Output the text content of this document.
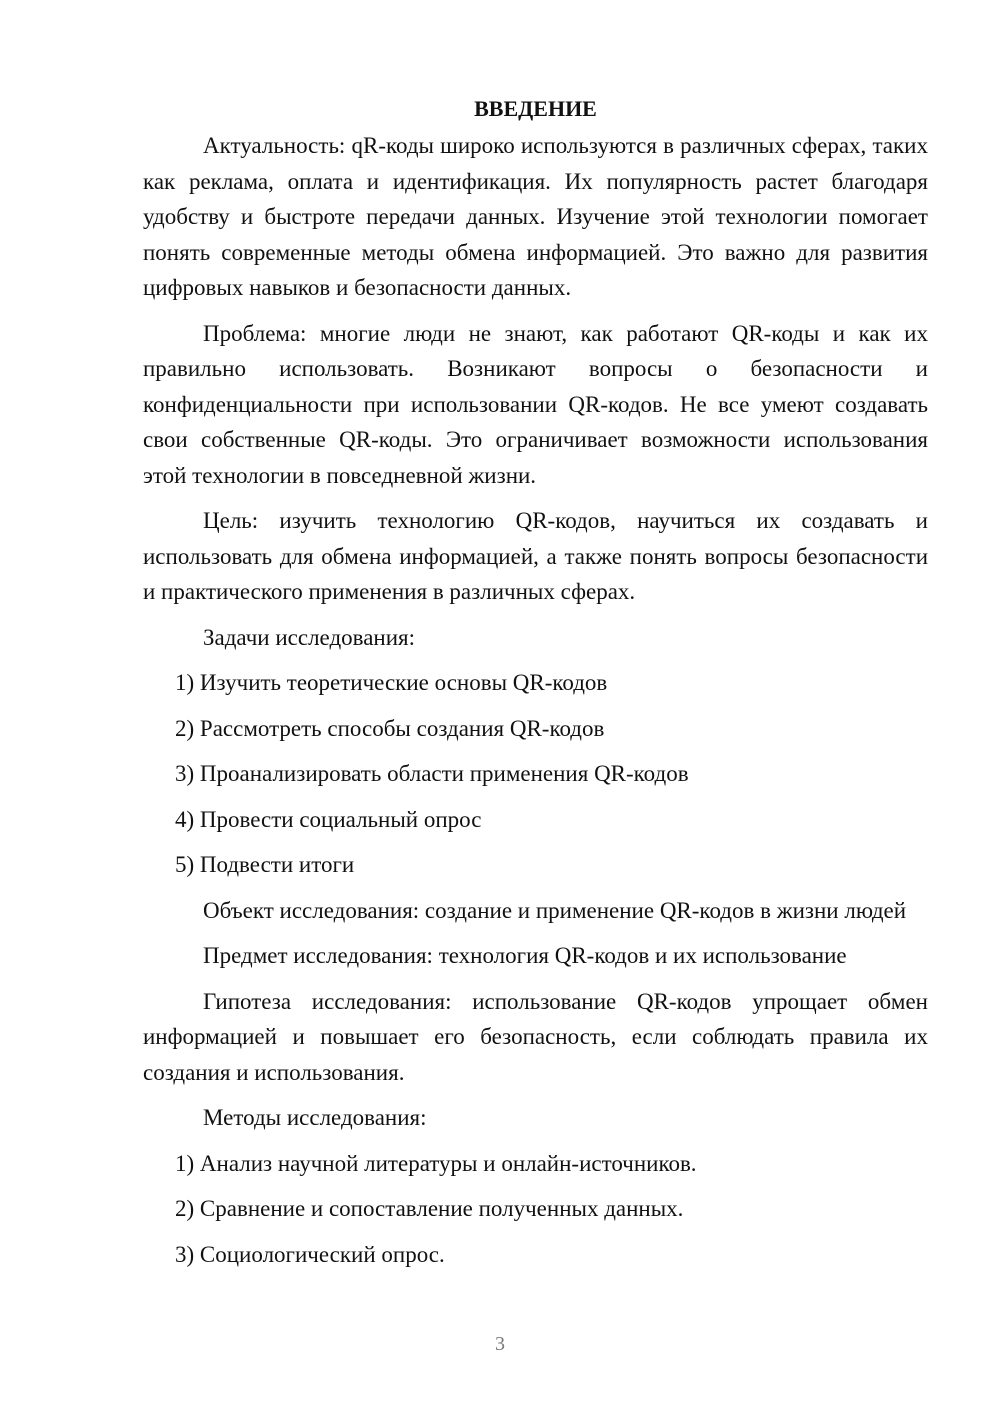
ВВЕДЕНИЕ

Актуальность: qR-коды широко используются в различных сферах, таких как реклама, оплата и идентификация. Их популярность растет благодаря удобству и быстроте передачи данных. Изучение этой технологии помогает понять современные методы обмена информацией. Это важно для развития цифровых навыков и безопасности данных.

Проблема: многие люди не знают, как работают QR-коды и как их правильно использовать. Возникают вопросы о безопасности и конфиденциальности при использовании QR-кодов. Не все умеют создавать свои собственные QR-коды. Это ограничивает возможности использования этой технологии в повседневной жизни.

Цель: изучить технологию QR-кодов, научиться их создавать и использовать для обмена информацией, а также понять вопросы безопасности и практического применения в различных сферах.

Задачи исследования:

1) Изучить теоретические основы QR-кодов
2) Рассмотреть способы создания QR-кодов
3) Проанализировать области применения QR-кодов
4) Провести социальный опрос
5) Подвести итоги

Объект исследования: создание и применение QR-кодов в жизни людей

Предмет исследования: технология QR-кодов и их использование

Гипотеза исследования: использование QR-кодов упрощает обмен информацией и повышает его безопасность, если соблюдать правила их создания и использования.

Методы исследования:

1) Анализ научной литературы и онлайн-источников.
2) Сравнение и сопоставление полученных данных.
3) Социологический опрос.
3
